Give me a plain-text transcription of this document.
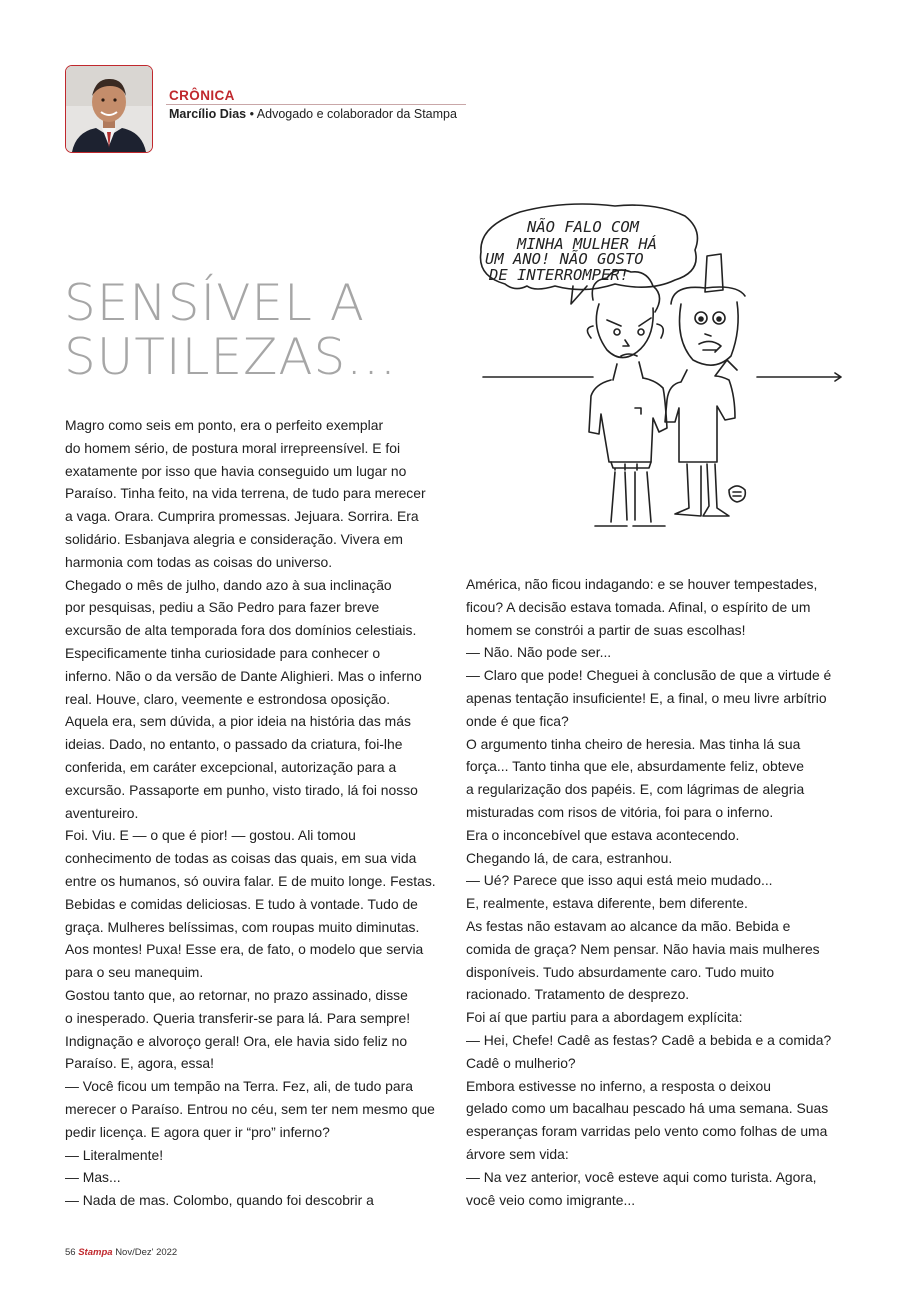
CRÔNICA
Marcílio Dias • Advogado e colaborador da Stampa
SENSÍVEL A
SUTILEZAS...
NÃO FALO COM
MINHA MULHER HÁ
UM ANO! NÃO GOSTO
DE INTERROMPER!

Magro como seis em ponto, era o perfeito exemplar

do homem sério, de postura moral irrepreensível. E foi

exatamente por isso que havia conseguido um lugar no

Paraíso. Tinha feito, na vida terrena, de tudo para merecer

a vaga. Orara. Cumprira promessas. Jejuara. Sorrira. Era

solidário. Esbanjava alegria e consideração. Vivera em

harmonia com todas as coisas do universo.

Chegado o mês de julho, dando azo à sua inclinação

por pesquisas, pediu a São Pedro para fazer breve

excursão de alta temporada fora dos domínios celestiais.

Especificamente tinha curiosidade para conhecer o

inferno. Não o da versão de Dante Alighieri. Mas o inferno

real. Houve, claro, veemente e estrondosa oposição.

Aquela era, sem dúvida, a pior ideia na história das más

ideias. Dado, no entanto, o passado da criatura, foi-lhe

conferida, em caráter excepcional, autorização para a

excursão. Passaporte em punho, visto tirado, lá foi nosso

aventureiro.

Foi. Viu. E — o que é pior! — gostou. Ali tomou

conhecimento de todas as coisas das quais, em sua vida

entre os humanos, só ouvira falar. E de muito longe. Festas.

Bebidas e comidas deliciosas. E tudo à vontade. Tudo de

graça. Mulheres belíssimas, com roupas muito diminutas.

Aos montes! Puxa! Esse era, de fato, o modelo que servia

para o seu manequim.

Gostou tanto que, ao retornar, no prazo assinado, disse

o inesperado. Queria transferir-se para lá. Para sempre!

Indignação e alvoroço geral! Ora, ele havia sido feliz no

Paraíso. E, agora, essa!

— Você ficou um tempão na Terra. Fez, ali, de tudo para

merecer o Paraíso. Entrou no céu, sem ter nem mesmo que

pedir licença. E agora quer ir “pro” inferno?

— Literalmente!

— Mas...

— Nada de mas. Colombo, quando foi descobrir a

América, não ficou indagando: e se houver tempestades,

ficou? A decisão estava tomada. Afinal, o espírito de um

homem se constrói a partir de suas escolhas!

— Não. Não pode ser...

— Claro que pode! Cheguei à conclusão de que a virtude é

apenas tentação insuficiente! E, a final, o meu livre arbítrio

onde é que fica?

O argumento tinha cheiro de heresia. Mas tinha lá sua

força... Tanto tinha que ele, absurdamente feliz, obteve

a regularização dos papéis. E, com lágrimas de alegria

misturadas com risos de vitória, foi para o inferno.

Era o inconcebível que estava acontecendo.

Chegando lá, de cara, estranhou.

— Ué? Parece que isso aqui está meio mudado...

E, realmente, estava diferente, bem diferente.

As festas não estavam ao alcance da mão. Bebida e

comida de graça? Nem pensar. Não havia mais mulheres

disponíveis. Tudo absurdamente caro. Tudo muito

racionado. Tratamento de desprezo.

Foi aí que partiu para a abordagem explícita:

— Hei, Chefe! Cadê as festas? Cadê a bebida e a comida?

Cadê o mulherio?

Embora estivesse no inferno, a resposta o deixou

gelado como um bacalhau pescado há uma semana. Suas

esperanças foram varridas pelo vento como folhas de uma

árvore sem vida:

— Na vez anterior, você esteve aqui como turista. Agora,

você veio como imigrante...

56 Stampa Nov/Dez' 2022
